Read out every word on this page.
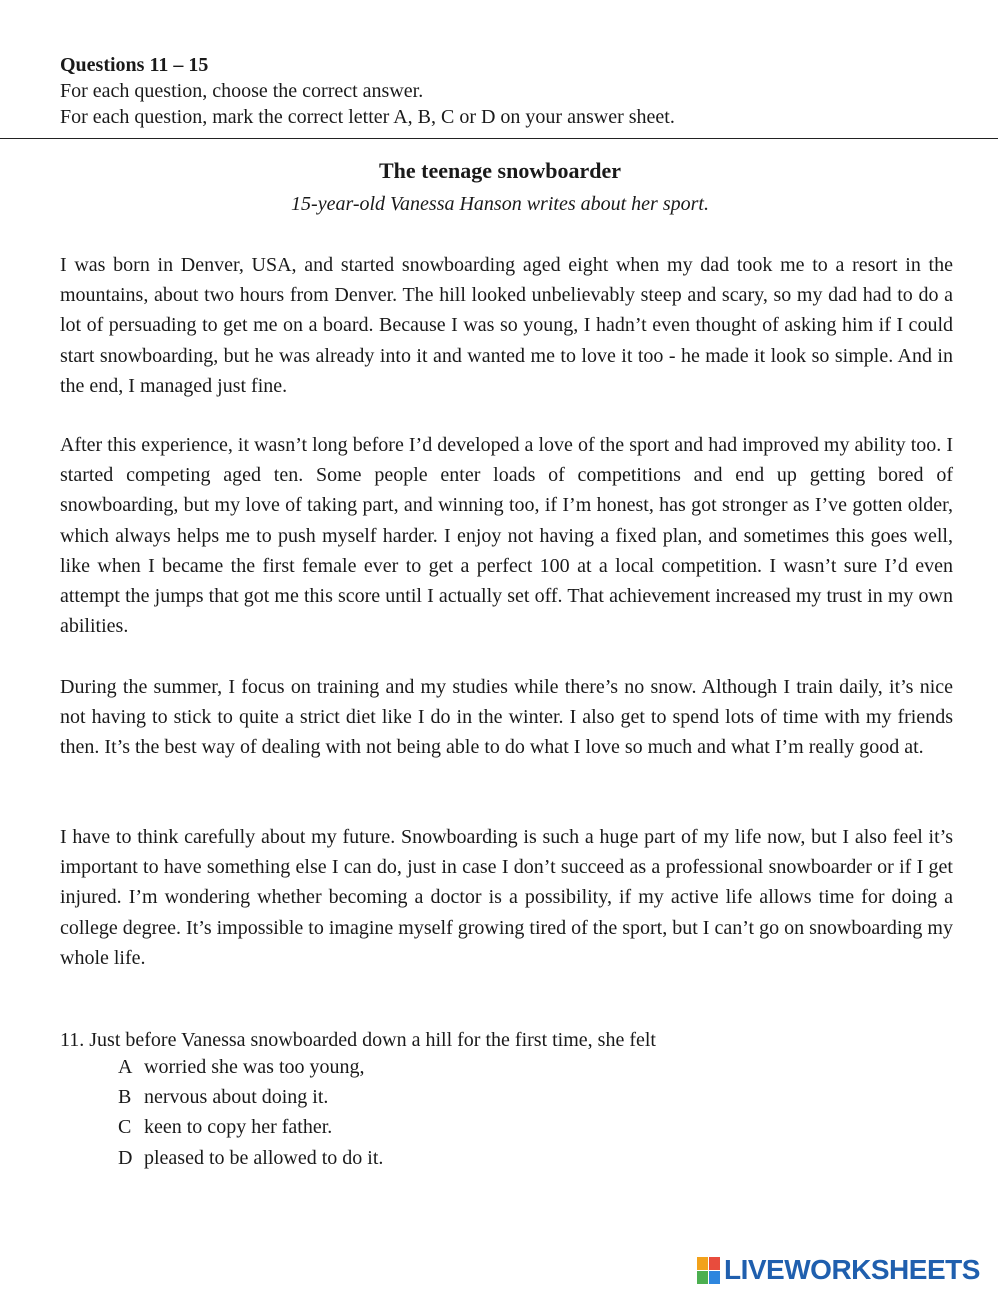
Questions 11 – 15
For each question, choose the correct answer.
For each question, mark the correct letter A, B, C or D on your answer sheet.
The teenage snowboarder
15-year-old Vanessa Hanson writes about her sport.
I was born in Denver, USA, and started snowboarding aged eight when my dad took me to a resort in the mountains, about two hours from Denver. The hill looked unbelievably steep and scary, so my dad had to do a lot of persuading to get me on a board. Because I was so young, I hadn’t even thought of asking him if I could start snowboarding, but he was already into it and wanted me to love it too - he made it look so simple. And in the end, I managed just fine.
After this experience, it wasn’t long before I’d developed a love of the sport and had improved my ability too. I started competing aged ten. Some people enter loads of competitions and end up getting bored of snowboarding, but my love of taking part, and winning too, if I’m honest, has got stronger as I’ve gotten older, which always helps me to push myself harder. I enjoy not having a fixed plan, and sometimes this goes well, like when I became the first female ever to get a perfect 100 at a local competition. I wasn’t sure I’d even attempt the jumps that got me this score until I actually set off. That achievement increased my trust in my own abilities.
During the summer, I focus on training and my studies while there’s no snow. Although I train daily, it’s nice not having to stick to quite a strict diet like I do in the winter. I also get to spend lots of time with my friends then. It’s the best way of dealing with not being able to do what I love so much and what I’m really good at.
I have to think carefully about my future. Snowboarding is such a huge part of my life now, but I also feel it’s important to have something else I can do, just in case I don’t succeed as a professional snowboarder or if I get injured. I’m wondering whether becoming a doctor is a possibility, if my active life allows time for doing a college degree. It’s impossible to imagine myself growing tired of the sport, but I can’t go on snowboarding my whole life.
11. Just before Vanessa snowboarded down a hill for the first time, she felt
A worried she was too young,
B nervous about doing it.
C keen to copy her father.
D pleased to be allowed to do it.
LIVEWORKSHEETS
